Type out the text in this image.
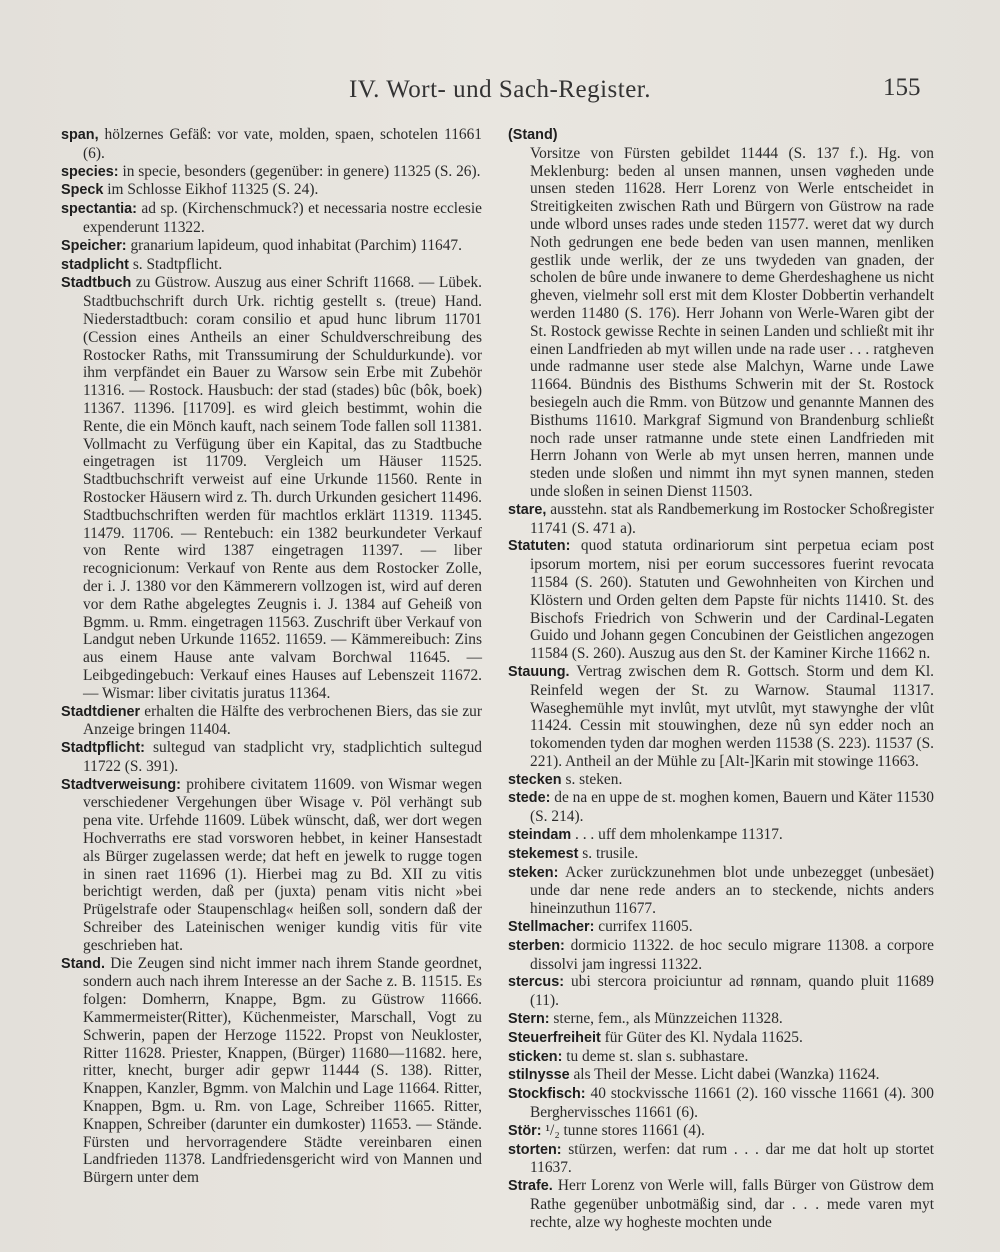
IV. Wort- und Sach-Register.	155

span, hölzernes Gefäß: vor vate, molden, spaen, schotelen 11661 (6).

species: in specie, besonders (gegenüber: in genere) 11325 (S. 26).

Speck im Schlosse Eikhof 11325 (S. 24).

spectantia: ad sp. (Kirchenschmuck?) et necessaria nostre ecclesie expenderunt 11322.

Speicher: granarium lapideum, quod inhabitat (Parchim) 11647.

stadplicht s. Stadtpflicht.

Stadtbuch zu Güstrow. Auszug aus einer Schrift 11668. — Lübek. Stadtbuchschrift durch Urk. richtig gestellt s. (treue) Hand. Niederstadtbuch: coram consilio et apud hunc librum 11701 (Cession eines Antheils an einer Schuldverschreibung des Rostocker Raths, mit Transsumirung der Schuldurkunde). vor ihm verpfändet ein Bauer zu Warsow sein Erbe mit Zubehör 11316. — Rostock. Hausbuch: der stad (stades) bûc (bôk, boek) 11367. 11396. [11709]. es wird gleich bestimmt, wohin die Rente, die ein Mönch kauft, nach seinem Tode fallen soll 11381. Vollmacht zu Verfügung über ein Kapital, das zu Stadtbuche eingetragen ist 11709. Vergleich um Häuser 11525. Stadtbuchschrift verweist auf eine Urkunde 11560. Rente in Rostocker Häusern wird z. Th. durch Urkunden gesichert 11496. Stadtbuchschriften werden für machtlos erklärt 11319. 11345. 11479. 11706. — Rentebuch: ein 1382 beurkundeter Verkauf von Rente wird 1387 eingetragen 11397. — liber recognicionum: Verkauf von Rente aus dem Rostocker Zolle, der i. J. 1380 vor den Kämmerern vollzogen ist, wird auf deren vor dem Rathe abgelegtes Zeugnis i. J. 1384 auf Geheiß von Bgmm. u. Rmm. eingetragen 11563. Zuschrift über Verkauf von Landgut neben Urkunde 11652. 11659. — Kämmereibuch: Zins aus einem Hause ante valvam Borchwal 11645. — Leibgedingebuch: Verkauf eines Hauses auf Lebenszeit 11672. — Wismar: liber civitatis juratus 11364.

Stadtdiener erhalten die Hälfte des verbrochenen Biers, das sie zur Anzeige bringen 11404.

Stadtpflicht: sultegud van stadplicht vry, stadplichtich sultegud 11722 (S. 391).

Stadtverweisung: prohibere civitatem 11609. von Wismar wegen verschiedener Vergehungen über Wisage v. Pöl verhängt sub pena vite. Urfehde 11609. Lübek wünscht, daß, wer dort wegen Hochverraths ere stad vorsworen hebbet, in keiner Hansestadt als Bürger zugelassen werde; dat heft en jewelk to rugge togen in sinen raet 11696 (1). Hierbei mag zu Bd. XII zu vitis berichtigt werden, daß per (juxta) penam vitis nicht »bei Prügelstrafe oder Staupenschlag« heißen soll, sondern daß der Schreiber des Lateinischen weniger kundig vitis für vite geschrieben hat.

Stand. Die Zeugen sind nicht immer nach ihrem Stande geordnet, sondern auch nach ihrem Interesse an der Sache z. B. 11515. Es folgen: Domherrn, Knappe, Bgm. zu Güstrow 11666. Kammermeister(Ritter), Küchenmeister, Marschall, Vogt zu Schwerin, papen der Herzoge 11522. Propst von Neukloster, Ritter 11628. Priester, Knappen, (Bürger) 11680—11682. here, ritter, knecht, burger adir gepwr 11444 (S. 138). Ritter, Knappen, Kanzler, Bgmm. von Malchin und Lage 11664. Ritter, Knappen, Bgm. u. Rm. von Lage, Schreiber 11665. Ritter, Knappen, Schreiber (darunter ein dumkoster) 11653. — Stände. Fürsten und hervorragendere Städte vereinbaren einen Landfrieden 11378. Landfriedensgericht wird von Mannen und Bürgern unter dem

(Stand)

Vorsitze von Fürsten gebildet 11444 (S. 137 f.). Hg. von Meklenburg: beden al unsen mannen, unsen vøgheden unde unsen steden 11628. Herr Lorenz von Werle entscheidet in Streitigkeiten zwischen Rath und Bürgern von Güstrow na rade unde wlbord unses rades unde steden 11577. weret dat wy durch Noth gedrungen ene bede beden van usen mannen, menliken gestlik unde werlik, der ze uns twydeden van gnaden, der scholen de bûre unde inwanere to deme Gherdeshaghene us nicht gheven, vielmehr soll erst mit dem Kloster Dobbertin verhandelt werden 11480 (S. 176). Herr Johann von Werle-Waren gibt der St. Rostock gewisse Rechte in seinen Landen und schließt mit ihr einen Landfrieden ab myt willen unde na rade user . . . ratgheven unde radmanne user stede alse Malchyn, Warne unde Lawe 11664. Bündnis des Bisthums Schwerin mit der St. Rostock besiegeln auch die Rmm. von Bützow und genannte Mannen des Bisthums 11610. Markgraf Sigmund von Brandenburg schließt noch rade unser ratmanne unde stete einen Landfrieden mit Herrn Johann von Werle ab myt unsen herren, mannen unde steden unde sloßen und nimmt ihn myt synen mannen, steden unde sloßen in seinen Dienst 11503.

stare, ausstehn. stat als Randbemerkung im Rostocker Schoßregister 11741 (S. 471 a).

Statuten: quod statuta ordinariorum sint perpetua eciam post ipsorum mortem, nisi per eorum successores fuerint revocata 11584 (S. 260). Statuten und Gewohnheiten von Kirchen und Klöstern und Orden gelten dem Papste für nichts 11410. St. des Bischofs Friedrich von Schwerin und der Cardinal-Legaten Guido und Johann gegen Concubinen der Geistlichen angezogen 11584 (S. 260). Auszug aus den St. der Kaminer Kirche 11662 n.

Stauung. Vertrag zwischen dem R. Gottsch. Storm und dem Kl. Reinfeld wegen der St. zu Warnow. Staumal 11317. Waseghemühle myt invlût, myt utvlût, myt stawynghe der vlût 11424. Cessin mit stouwinghen, deze nû syn edder noch an tokomenden tyden dar moghen werden 11538 (S. 223). 11537 (S. 221). Antheil an der Mühle zu [Alt-]Karin mit stowinge 11663.

stecken s. steken.

stede: de na en uppe de st. moghen komen, Bauern und Käter 11530 (S. 214).

steindam . . . uff dem mholenkampe 11317.

stekemest s. trusile.

steken: Acker zurückzunehmen blot unde unbezegget (unbesäet) unde dar nene rede anders an to steckende, nichts anders hineinzuthun 11677.

Stellmacher: currifex 11605.

sterben: dormicio 11322. de hoc seculo migrare 11308. a corpore dissolvi jam ingressi 11322.

stercus: ubi stercora proiciuntur ad rønnam, quando pluit 11689 (11).

Stern: sterne, fem., als Münzzeichen 11328.

Steuerfreiheit für Güter des Kl. Nydala 11625.

sticken: tu deme st. slan s. subhastare.

stilnysse als Theil der Messe. Licht dabei (Wanzka) 11624.

Stockfisch: 40 stockvissche 11661 (2). 160 vissche 11661 (4). 300 Berghervissches 11661 (6).

Stör: ¹/₂ tunne stores 11661 (4).

storten: stürzen, werfen: dat rum . . . dar me dat holt up stortet 11637.

Strafe. Herr Lorenz von Werle will, falls Bürger von Güstrow dem Rathe gegenüber unbotmäßig sind, dar . . . mede varen myt rechte, alze wy hogheste mochten unde
